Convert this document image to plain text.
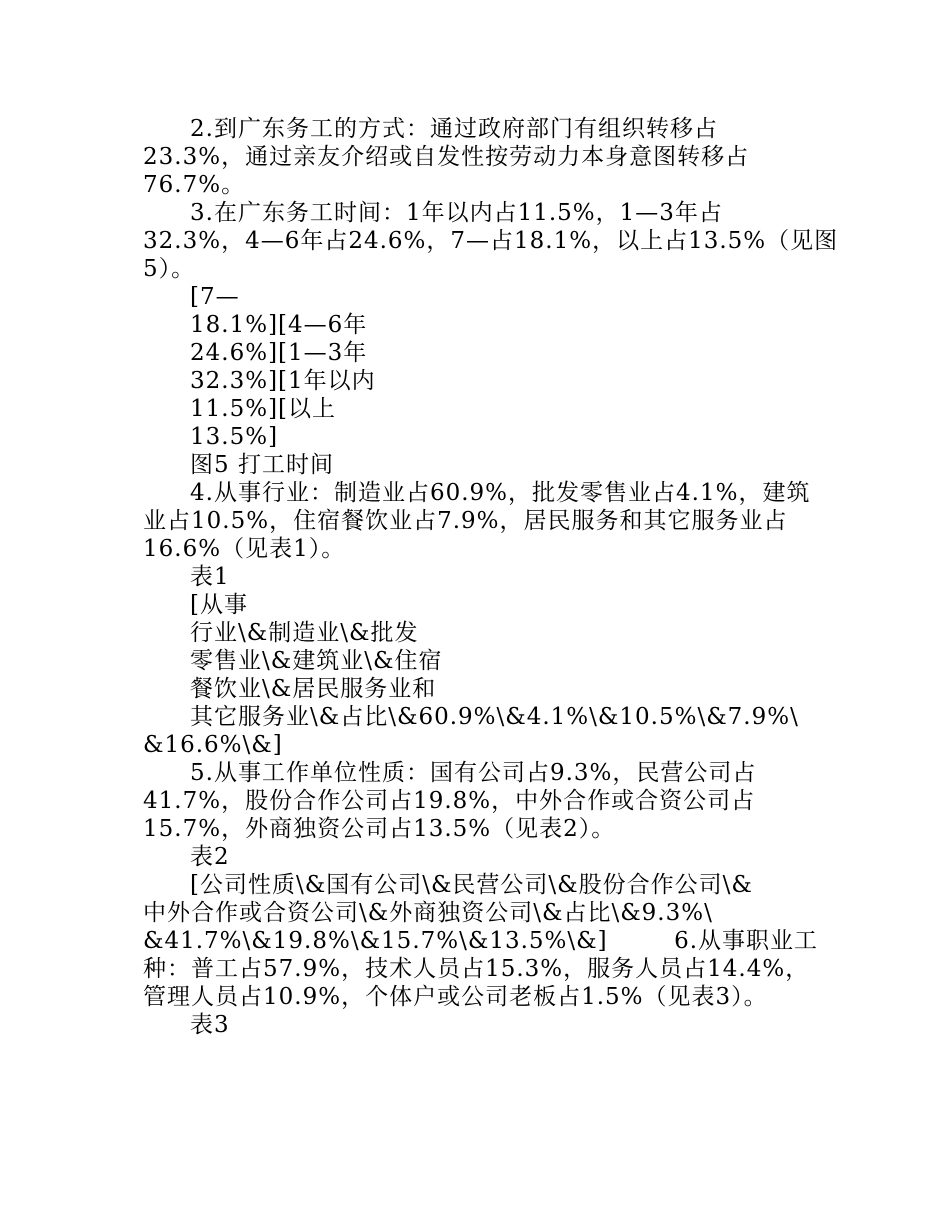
2.到广东务工的方式：通过政府部门有组织转移占
23.3%，通过亲友介绍或自发性按劳动力本身意图转移占
76.7%。
3.在广东务工时间：1年以内占11.5%，1—3年占
32.3%，4—6年占24.6%，7—占18.1%，以上占13.5%（见图
5）。
[7—
18.1%][4—6年
24.6%][1—3年
32.3%][1年以内
11.5%][以上
13.5%]
图5 打工时间
4.从事行业：制造业占60.9%，批发零售业占4.1%，建筑
业占10.5%，住宿餐饮业占7.9%，居民服务和其它服务业占
16.6%（见表1）。
表1
[从事
行业\&制造业\&批发
零售业\&建筑业\&住宿
餐饮业\&居民服务业和
其它服务业\&占比\&60.9%\&4.1%\&10.5%\&7.9%\
&16.6%\&]
5.从事工作单位性质：国有公司占9.3%，民营公司占
41.7%，股份合作公司占19.8%，中外合作或合资公司占
15.7%，外商独资公司占13.5%（见表2）。
表2
[公司性质\&国有公司\&民营公司\&股份合作公司\&
中外合作或合资公司\&外商独资公司\&占比\&9.3%\
&41.7%\&19.8%\&15.7%\&13.5%\&]        6.从事职业工
种：普工占57.9%，技术人员占15.3%，服务人员占14.4%，
管理人员占10.9%，个体户或公司老板占1.5%（见表3）。
表3
